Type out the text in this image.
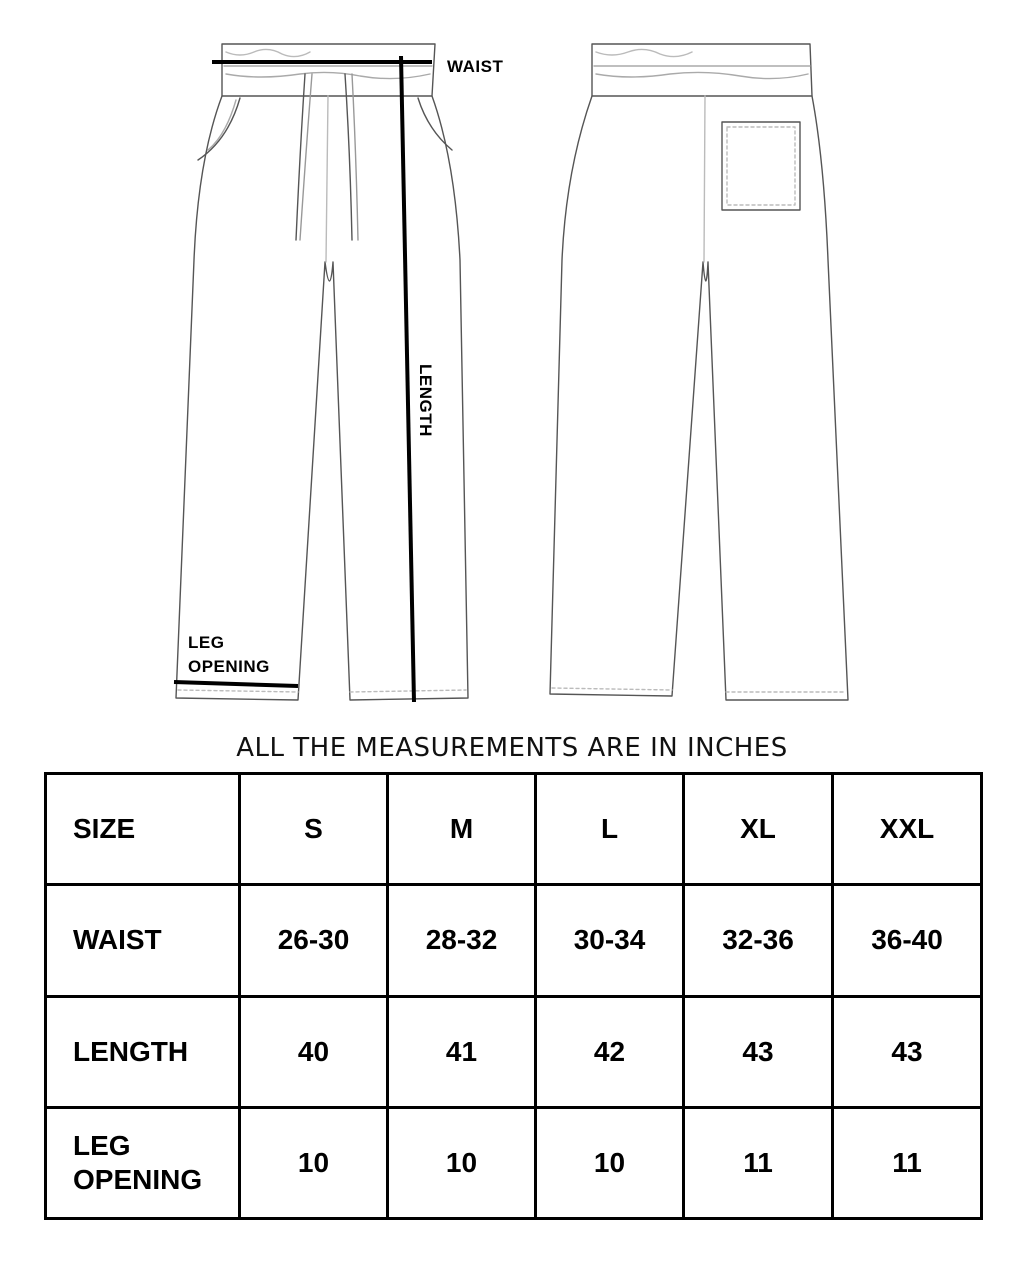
WAIST
LENGTH
LEG OPENING
ALL THE MEASUREMENTS ARE IN INCHES
SIZE	S	M	L	XL	XXL
WAIST	26-30	28-32	30-34	32-36	36-40
LENGTH	40	41	42	43	43
LEG OPENING	10	10	10	11	11
